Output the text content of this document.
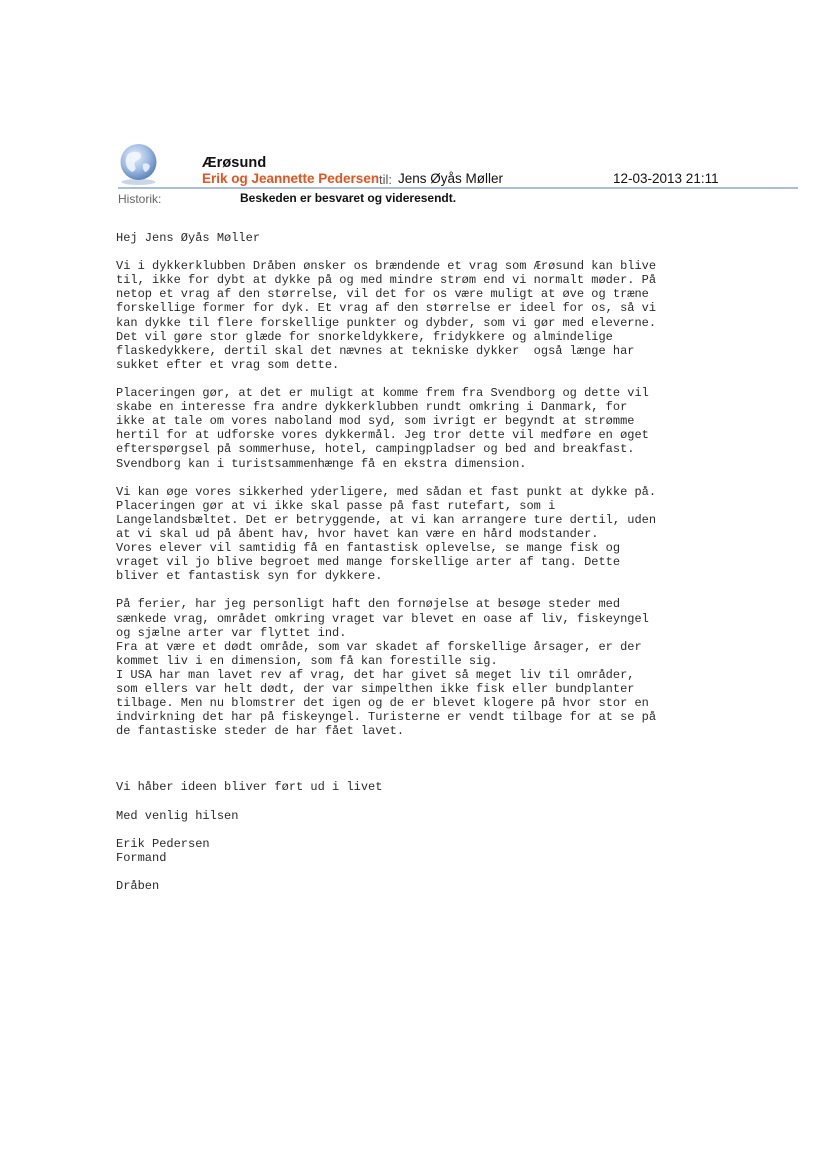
Ærøsund
Erik og Jeannette Pedersen til: Jens Øyås Møller	12-03-2013 21:11
Historik:	Beskeden er besvaret og videresendt.
Hej Jens Øyås Møller
Vi i dykkerklubben Dråben ønsker os brændende et vrag som Ærøsund kan blive
til, ikke for dybt at dykke på og med mindre strøm end vi normalt møder. På
netop et vrag af den størrelse, vil det for os være muligt at øve og træne
forskellige former for dyk. Et vrag af den størrelse er ideel for os, så vi
kan dykke til flere forskellige punkter og dybder, som vi gør med eleverne.
Det vil gøre stor glæde for snorkeldykkere, fridykkere og almindelige
flaskedykkere, dertil skal det nævnes at tekniske dykker  også længe har
sukket efter et vrag som dette.
Placeringen gør, at det er muligt at komme frem fra Svendborg og dette vil
skabe en interesse fra andre dykkerklubben rundt omkring i Danmark, for
ikke at tale om vores naboland mod syd, som ivrigt er begyndt at strømme
hertil for at udforske vores dykkermål. Jeg tror dette vil medføre en øget
efterspørgsel på sommerhuse, hotel, campingpladser og bed and breakfast.
Svendborg kan i turistsammenhænge få en ekstra dimension.
Vi kan øge vores sikkerhed yderligere, med sådan et fast punkt at dykke på.
Placeringen gør at vi ikke skal passe på fast rutefart, som i
Langelandsbæltet. Det er betryggende, at vi kan arrangere ture dertil, uden
at vi skal ud på åbent hav, hvor havet kan være en hård modstander.
Vores elever vil samtidig få en fantastisk oplevelse, se mange fisk og
vraget vil jo blive begroet med mange forskellige arter af tang. Dette
bliver et fantastisk syn for dykkere.
På ferier, har jeg personligt haft den fornøjelse at besøge steder med
sænkede vrag, området omkring vraget var blevet en oase af liv, fiskeyngel
og sjælne arter var flyttet ind.
Fra at være et dødt område, som var skadet af forskellige årsager, er der
kommet liv i en dimension, som få kan forestille sig.
I USA har man lavet rev af vrag, det har givet så meget liv til områder,
som ellers var helt dødt, der var simpelthen ikke fisk eller bundplanter
tilbage. Men nu blomstrer det igen og de er blevet klogere på hvor stor en
indvirkning det har på fiskeyngel. Turisterne er vendt tilbage for at se på
de fantastiske steder de har fået lavet.
Vi håber ideen bliver ført ud i livet
Med venlig hilsen
Erik Pedersen
Formand
Dråben
